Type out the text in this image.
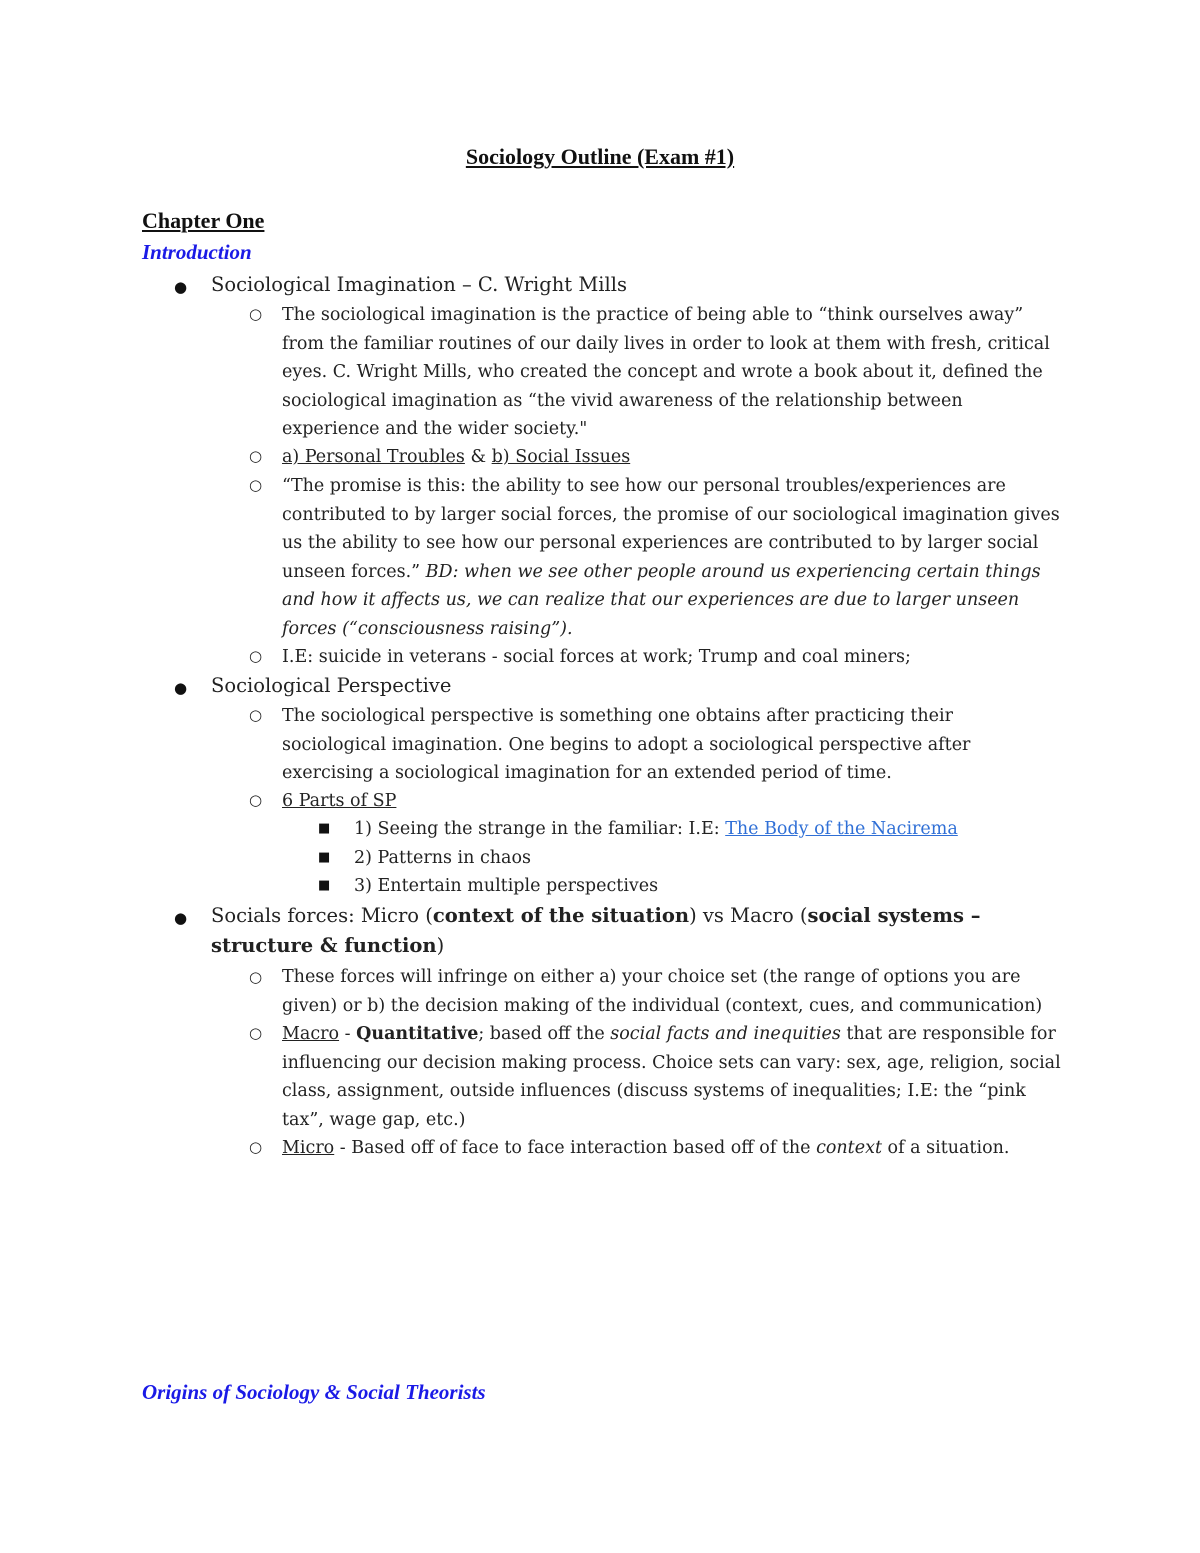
Sociology Outline (Exam #1)
Chapter One
Introduction
● Sociological Imagination – C. Wright Mills
○ The sociological imagination is the practice of being able to “think ourselves away” from the familiar routines of our daily lives in order to look at them with fresh, critical eyes. C. Wright Mills, who created the concept and wrote a book about it, defined the sociological imagination as “the vivid awareness of the relationship between experience and the wider society."
○ a) Personal Troubles & b) Social Issues
○ “The promise is this: the ability to see how our personal troubles/experiences are contributed to by larger social forces, the promise of our sociological imagination gives us the ability to see how our personal experiences are contributed to by larger social unseen forces.” BD: when we see other people around us experiencing certain things and how it affects us, we can realize that our experiences are due to larger unseen forces (“consciousness raising”).
○ I.E: suicide in veterans - social forces at work; Trump and coal miners;
● Sociological Perspective
○ The sociological perspective is something one obtains after practicing their sociological imagination. One begins to adopt a sociological perspective after exercising a sociological imagination for an extended period of time.
○ 6 Parts of SP
■ 1) Seeing the strange in the familiar: I.E: The Body of the Nacirema
■ 2) Patterns in chaos
■ 3) Entertain multiple perspectives
● Socials forces: Micro (context of the situation) vs Macro (social systems – structure & function)
○ These forces will infringe on either a) your choice set (the range of options you are given) or b) the decision making of the individual (context, cues, and communication)
○ Macro - Quantitative; based off the social facts and inequities that are responsible for influencing our decision making process. Choice sets can vary: sex, age, religion, social class, assignment, outside influences (discuss systems of inequalities; I.E: the “pink tax”, wage gap, etc.)
○ Micro - Based off of face to face interaction based off of the context of a situation.
Origins of Sociology & Social Theorists
